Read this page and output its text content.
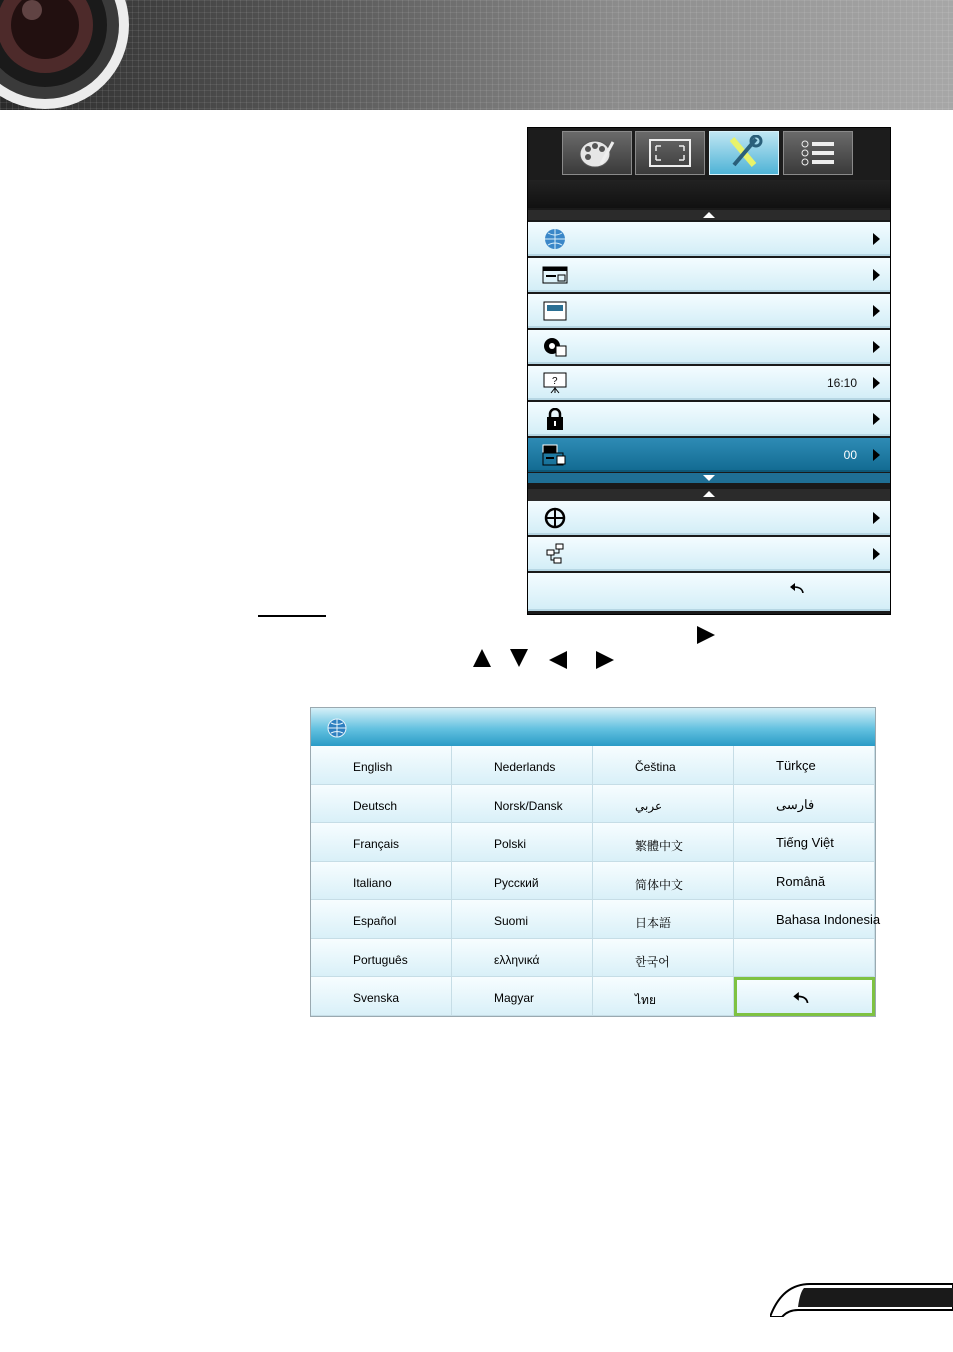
?	16:10
00
English
Deutsch
Français
Italiano
Español
Português
Svenska
Nederlands
Norsk/Dansk
Polski
Русский
Suomi
ελληνικά
Magyar
Čeština
عربي
繁體中文
简体中文
日本語
한국어
ไทย
Türkçe
فارسی
Tiếng Việt
Română
Bahasa Indonesia
